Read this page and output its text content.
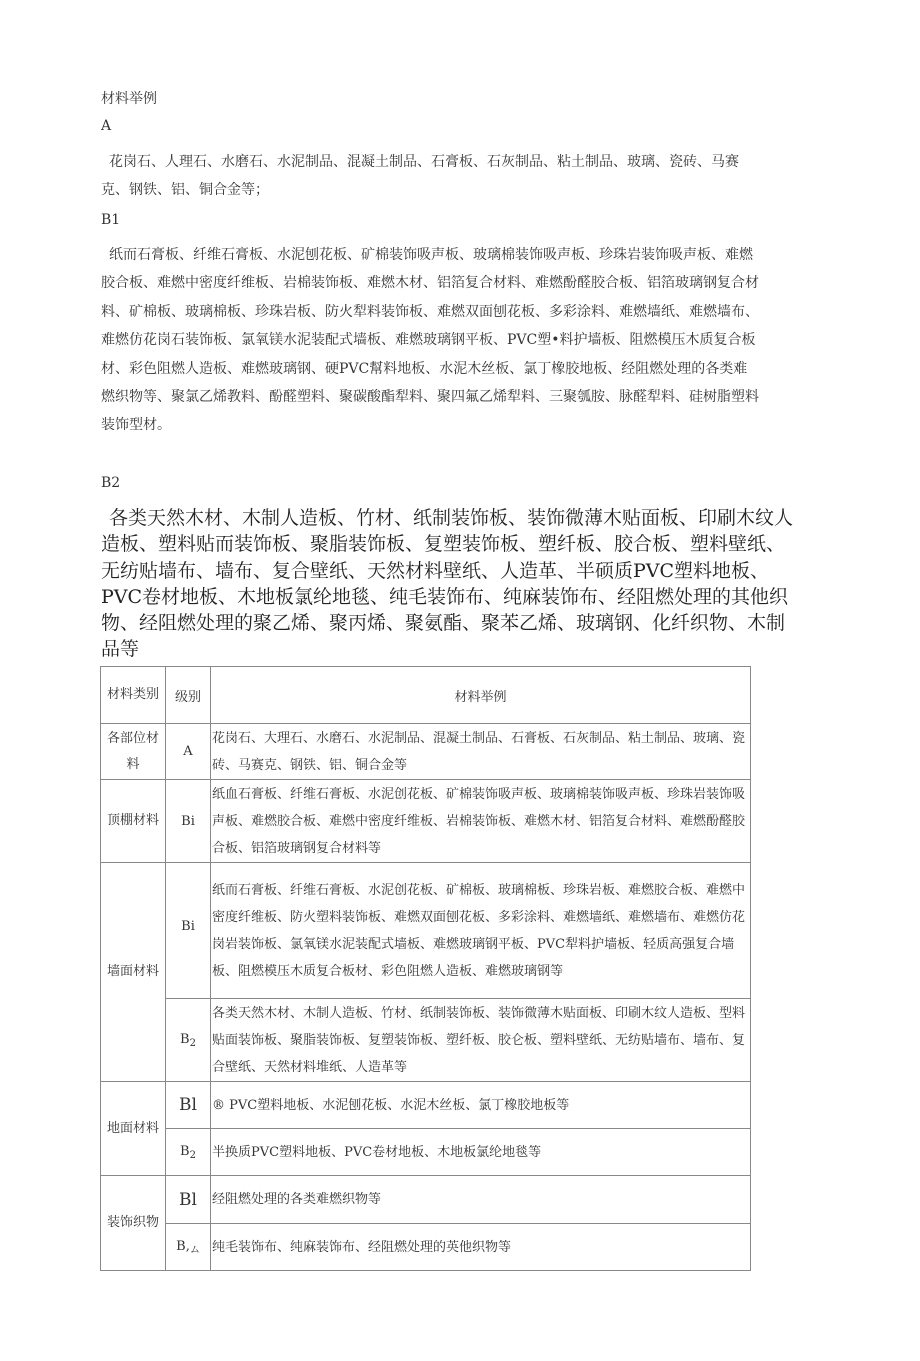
材料举例
A
花岗石、人理石、水磨石、水泥制品、混凝土制品、石膏板、石灰制品、粘土制品、玻璃、瓷砖、马赛克、钢铁、铝、铜合金等；
B1
纸而石膏板、纤维石膏板、水泥刨花板、矿棉装饰吸声板、玻璃棉装饰吸声板、珍珠岩装饰吸声板、难燃胶合板、难燃中密度纤维板、岩棉装饰板、难燃木材、铝箔复合材料、难燃酚醛胶合板、铝箔玻璃钢复合材料、矿棉板、玻璃棉板、珍珠岩板、防火犁料装饰板、难燃双面刨花板、多彩涂料、难燃墙纸、难燃墙布、难燃仿花岗石装饰板、氯氧镁水泥装配式墙板、难燃玻璃钢平板、PVC塑•料护墙板、阻燃模压木质复合板材、彩色阻燃人造板、难燃玻璃钢、硬PVC幫料地板、水泥木丝板、氯丁橡胶地板、经阻燃处理的各类难燃织物等、聚氯乙烯教料、酚醛塑料、聚碳酸酯犁料、聚四氟乙烯犁料、三聚瓠胺、脉醛犁料、硅树脂塑料装饰型材。
B2
各类天然木材、木制人造板、竹材、纸制装饰板、装饰微薄木贴面板、印刷木纹人造板、塑料贴而装饰板、聚脂装饰板、复塑装饰板、塑纤板、胶合板、塑料壁纸、无纺贴墙布、墙布、复合壁纸、天然材料壁纸、人造革、半硕质PVC塑料地板、PVC卷材地板、木地板氯纶地毯、纯毛装饰布、纯麻装饰布、经阻燃处理的其他织物、经阻燃处理的聚乙烯、聚丙烯、聚氨酯、聚苯乙烯、玻璃钢、化纤织物、木制品等
材料类别	级别	材料举例
各部位材料	A	花岗石、大理石、水磨石、水泥制品、混凝土制品、石膏板、石灰制品、粘土制品、玻璃、瓷砖、马赛克、钢铁、铝、铜合金等
顶棚材料	Bi	纸血石膏板、纤维石膏板、水泥创花板、矿棉装饰吸声板、玻璃棉装饰吸声板、珍珠岩装饰吸声板、难燃胶合板、难燃中密度纤维板、岩棉装饰板、难燃木材、铝箔复合材料、难燃酚醛胶合板、铝箔玻璃钢复合材料等
墙面材料	Bi	纸而石膏板、纤维石膏板、水泥创花板、矿棉板、玻璃棉板、珍珠岩板、难燃胶合板、难燃中密度纤维板、防火塑料装饰板、难燃双面刨花板、多彩涂料、难燃墙纸、难燃墙布、难燃仿花岗岩装饰板、氯氧镁水泥装配式墙板、难燃玻璃钢平板、PVC犁料护墙板、轻质高强复合墙板、阻燃模压木质复合板材、彩色阻燃人造板、难燃玻璃钢等
	$B_2$	各类天然木材、木制人造板、竹材、纸制装饰板、装饰微薄木贴面板、印刷木纹人造板、型料贴面装饰板、聚脂装饰板、复塑装饰板、塑纤板、胶仑板、塑料壁纸、无纺贴墙布、墙布、复合壁纸、天然材料堆纸、人造革等
地面材料	Bl	® PVC塑料地板、水泥刨花板、水泥木丝板、氯丁橡胶地板等
	$B_2$	半换质PVC塑料地板、PVC卷材地板、木地板氯纶地毯等
装饰织物	Bl	经阻燃处理的各类难燃织物等
	$B,_ム$	纯毛装饰布、纯麻装饰布、经阻燃处理的英他织物等
